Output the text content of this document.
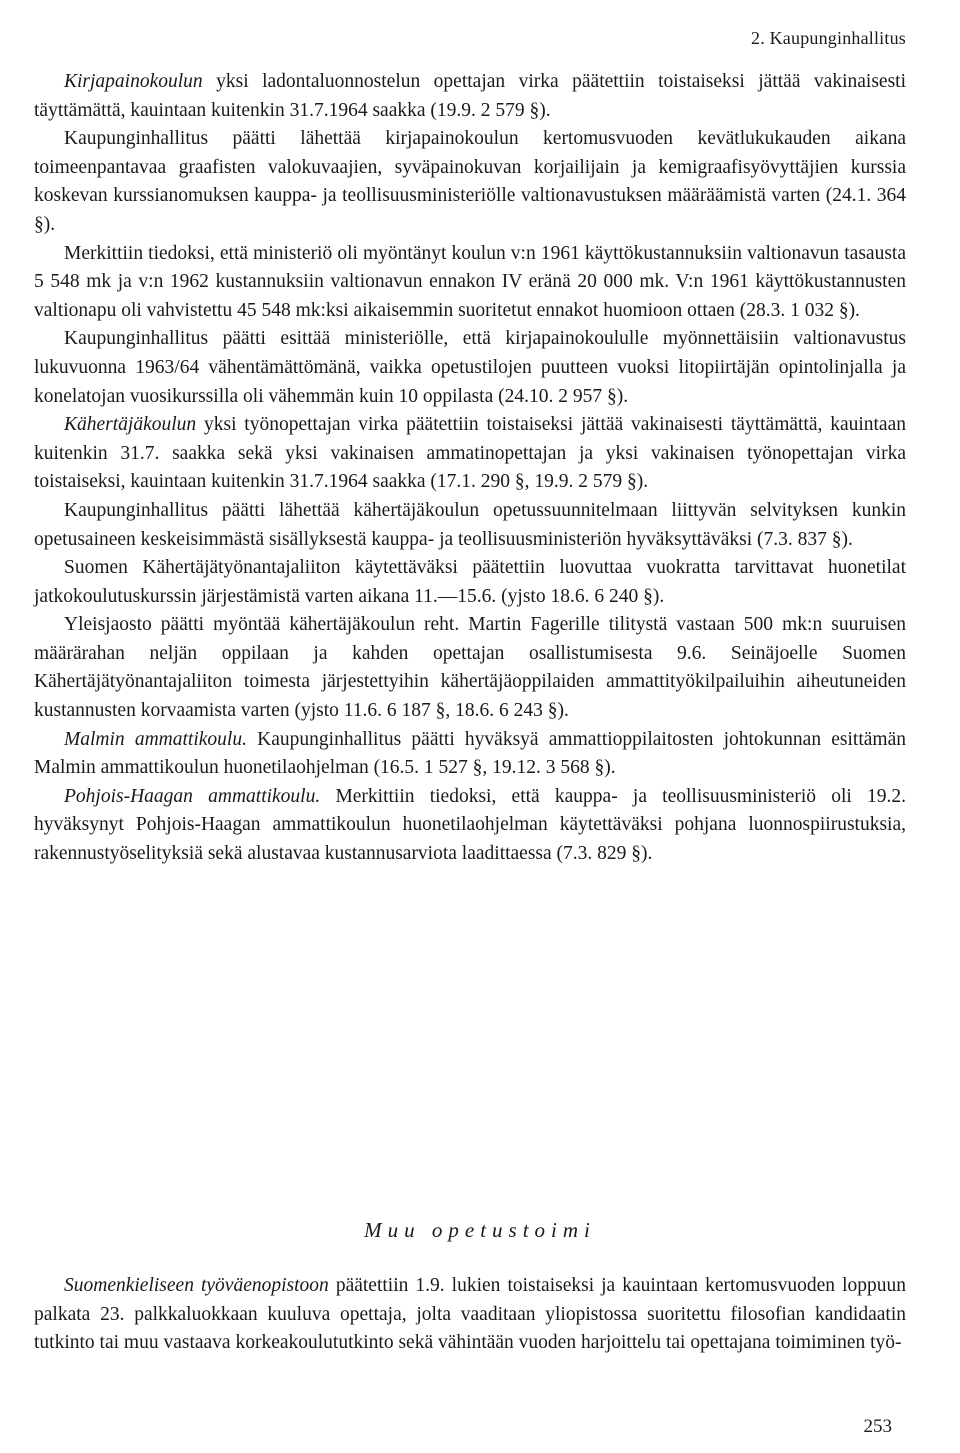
2. Kaupunginhallitus

Kirjapainokoulun yksi ladontaluonnostelun opettajan virka päätettiin toistaiseksi jättää vakinaisesti täyttämättä, kauintaan kuitenkin 31.7.1964 saakka (19.9. 2 579 §).

Kaupunginhallitus päätti lähettää kirjapainokoulun kertomusvuoden kevätlukukauden aikana toimeenpantavaa graafisten valokuvaajien, syväpainokuvan korjailijain ja kemigraafisyövyttäjien kurssia koskevan kurssianomuksen kauppa- ja teollisuusministeriölle valtionavustuksen määräämistä varten (24.1. 364 §).

Merkittiin tiedoksi, että ministeriö oli myöntänyt koulun v:n 1961 käyttökustannuksiin valtionavun tasausta 5 548 mk ja v:n 1962 kustannuksiin valtionavun ennakon IV eränä 20 000 mk. V:n 1961 käyttökustannusten valtionapu oli vahvistettu 45 548 mk:ksi aikaisemmin suoritetut ennakot huomioon ottaen (28.3. 1 032 §).

Kaupunginhallitus päätti esittää ministeriölle, että kirjapainokoululle myönnettäisiin valtionavustus lukuvuonna 1963/64 vähentämättömänä, vaikka opetustilojen puutteen vuoksi litopiirtäjän opintolinjalla ja konelatojan vuosikurssilla oli vähemmän kuin 10 oppilasta (24.10. 2 957 §).

Kähertäjäkoulun yksi työnopettajan virka päätettiin toistaiseksi jättää vakinaisesti täyttämättä, kauintaan kuitenkin 31.7. saakka sekä yksi vakinaisen ammatinopettajan ja yksi vakinaisen työnopettajan virka toistaiseksi, kauintaan kuitenkin 31.7.1964 saakka (17.1. 290 §, 19.9. 2 579 §).

Kaupunginhallitus päätti lähettää kähertäjäkoulun opetussuunnitelmaan liittyvän selvityksen kunkin opetusaineen keskeisimmästä sisällyksestä kauppa- ja teollisuusministeriön hyväksyttäväksi (7.3. 837 §).

Suomen Kähertäjätyönantajaliiton käytettäväksi päätettiin luovuttaa vuokratta tarvittavat huonetilat jatkokoulutuskurssin järjestämistä varten aikana 11.—15.6. (yjsto 18.6. 6 240 §).

Yleisjaosto päätti myöntää kähertäjäkoulun reht. Martin Fagerille tilitystä vastaan 500 mk:n suuruisen määrärahan neljän oppilaan ja kahden opettajan osallistumisesta 9.6. Seinäjoelle Suomen Kähertäjätyönantajaliiton toimesta järjestettyihin kähertäjäoppilaiden ammattityökilpailuihin aiheutuneiden kustannusten korvaamista varten (yjsto 11.6. 6 187 §, 18.6. 6 243 §).

Malmin ammattikoulu. Kaupunginhallitus päätti hyväksyä ammattioppilaitosten johtokunnan esittämän Malmin ammattikoulun huonetilaohjelman (16.5. 1 527 §, 19.12. 3 568 §).

Pohjois-Haagan ammattikoulu. Merkittiin tiedoksi, että kauppa- ja teollisuusministeriö oli 19.2. hyväksynyt Pohjois-Haagan ammattikoulun huonetilaohjelman käytettäväksi pohjana luonnospiirustuksia, rakennustyöselityksiä sekä alustavaa kustannusarviota laadittaessa (7.3. 829 §).

Muu opetustoimi

Suomenkieliseen työväenopistoon päätettiin 1.9. lukien toistaiseksi ja kauintaan kertomusvuoden loppuun palkata 23. palkkaluokkaan kuuluva opettaja, jolta vaaditaan yliopistossa suoritettu filosofian kandidaatin tutkinto tai muu vastaava korkeakoulututkinto sekä vähintään vuoden harjoittelu tai opettajana toimiminen työ-

253
